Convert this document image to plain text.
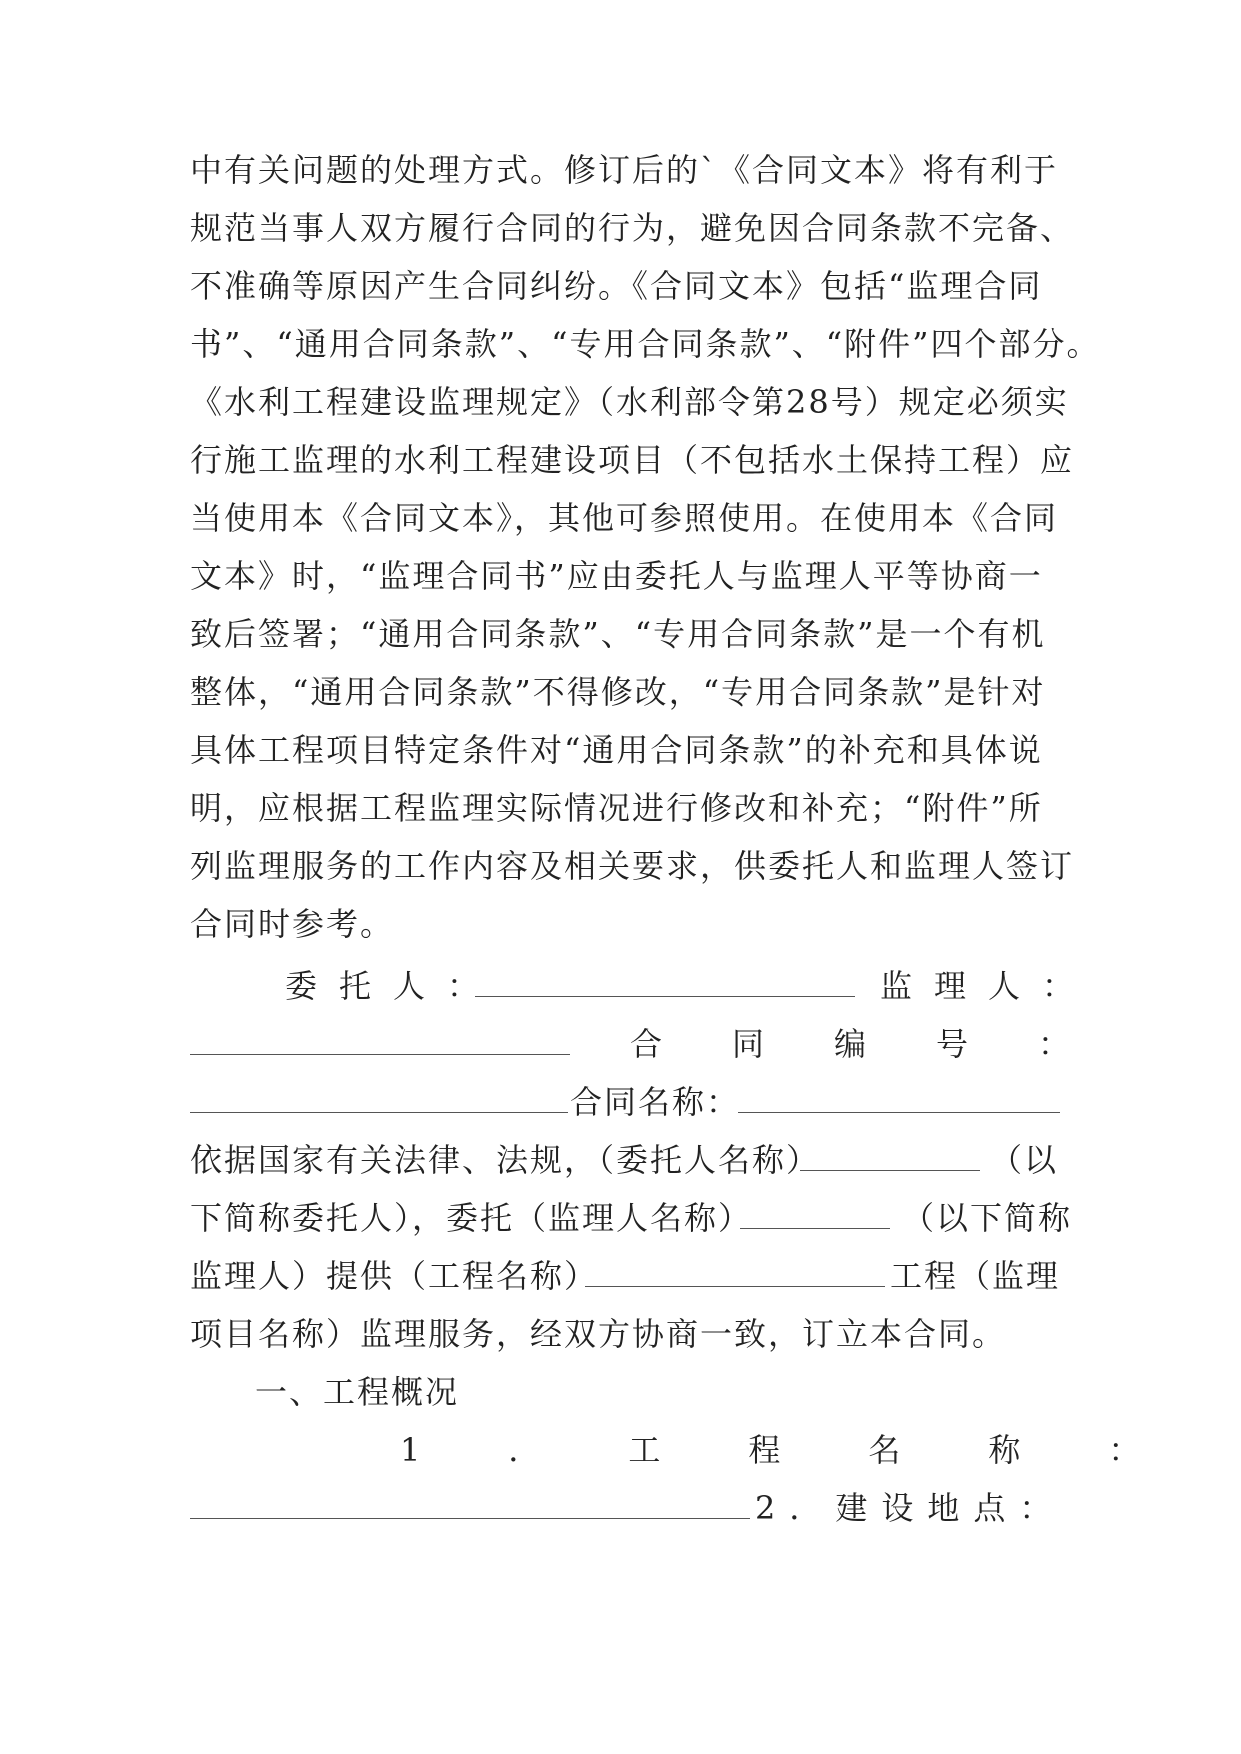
中有关问题的处理方式。修订后的`《合同文本》将有利于
规范当事人双方履行合同的行为，避免因合同条款不完备、
不准确等原因产生合同纠纷。《合同文本》包括“监理合同
书”、“通用合同条款”、“专用合同条款”、“附件”四个部分。
《水利工程建设监理规定》（水利部令第28号）规定必须实
行施工监理的水利工程建设项目（不包括水土保持工程）应
当使用本《合同文本》，其他可参照使用。在使用本《合同
文本》时，“监理合同书”应由委托人与监理人平等协商一
致后签署；“通用合同条款”、“专用合同条款”是一个有机
整体，“通用合同条款”不得修改，“专用合同条款”是针对
具体工程项目特定条件对“通用合同条款”的补充和具体说
明，应根据工程监理实际情况进行修改和补充；“附件”所
列监理服务的工作内容及相关要求，供委托人和监理人签订
合同时参考。
委托人：	监理人：
合同编号：
合同名称：
依据国家有关法律、法规，（委托人名称）	（以
下简称委托人），委托（监理人名称）	（以下简称
监理人）提供（工程名称）	工程（监理
项目名称）监理服务，经双方协商一致，订立本合同。
一、工程概况
1．工程名称：
2．建设地点：
